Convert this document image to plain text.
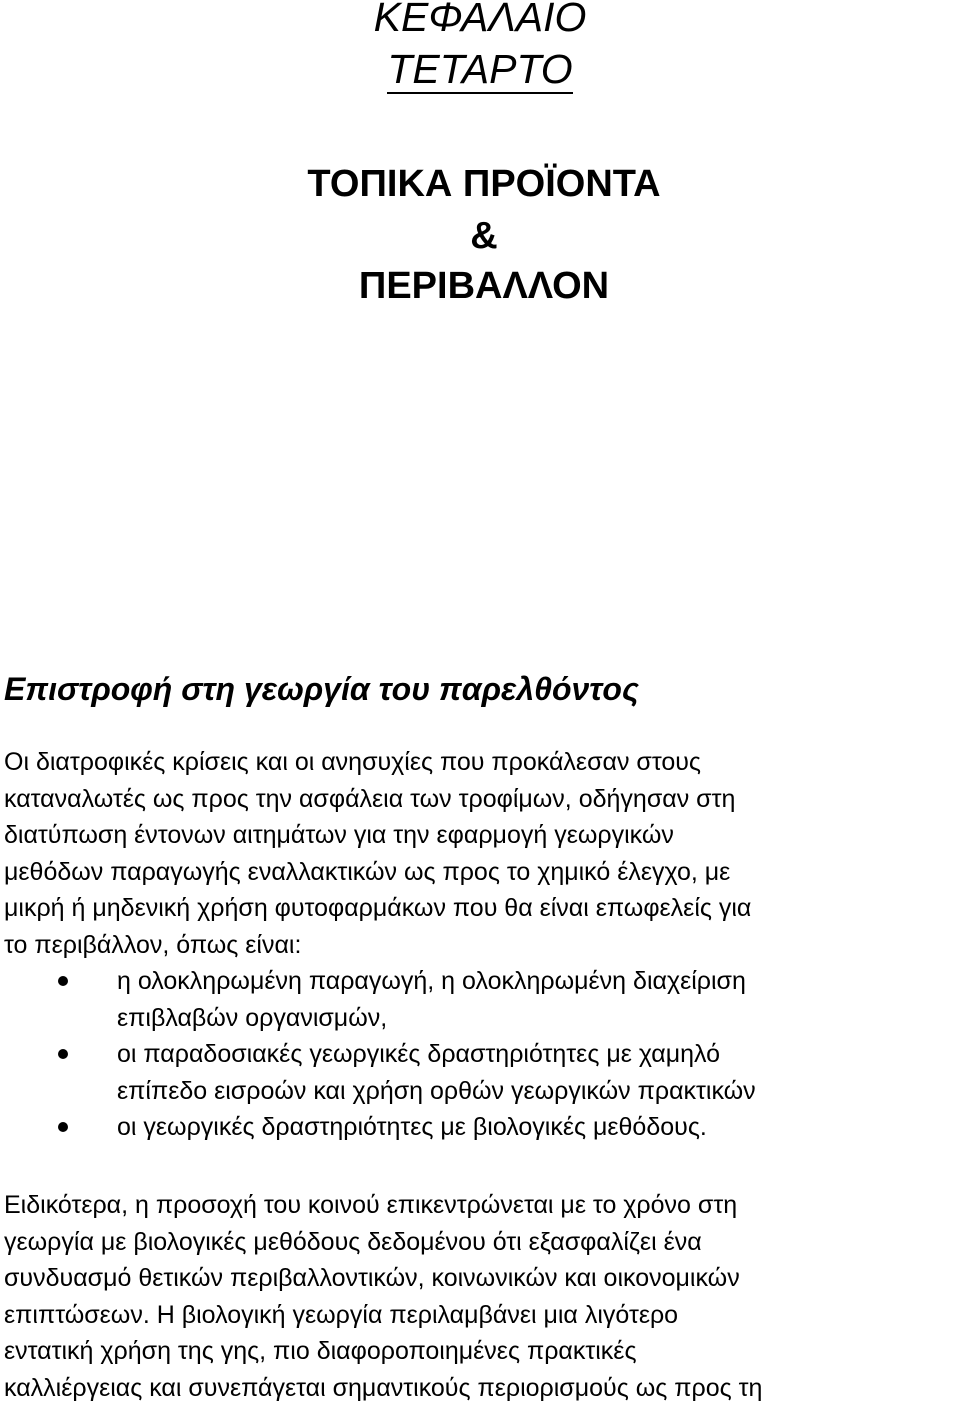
ΚΕΦΑΛΑΙΟ
ΤΕΤΑΡΤΟ
ΤΟΠΙΚΑ ΠΡΟΪΟΝΤΑ
&
ΠΕΡΙΒΑΛΛΟΝ
Επιστροφή στη γεωργία του παρελθόντος
Οι διατροφικές κρίσεις και οι ανησυχίες που προκάλεσαν στους
καταναλωτές ως προς την ασφάλεια των τροφίμων, οδήγησαν στη
διατύπωση έντονων αιτημάτων για την εφαρμογή γεωργικών
μεθόδων παραγωγής εναλλακτικών ως προς το χημικό έλεγχο, με
μικρή ή μηδενική χρήση φυτοφαρμάκων που θα είναι επωφελείς για
το περιβάλλον, όπως είναι:
η ολοκληρωμένη παραγωγή, η ολοκληρωμένη διαχείριση
επιβλαβών οργανισμών,
οι παραδοσιακές γεωργικές δραστηριότητες με χαμηλό
επίπεδο εισροών και χρήση ορθών γεωργικών πρακτικών
οι γεωργικές δραστηριότητες με βιολογικές μεθόδους.
Ειδικότερα, η προσοχή του κοινού επικεντρώνεται με το χρόνο στη
γεωργία με βιολογικές μεθόδους δεδομένου ότι εξασφαλίζει ένα
συνδυασμό θετικών περιβαλλοντικών, κοινωνικών και οικονομικών
επιπτώσεων. Η βιολογική γεωργία περιλαμβάνει μια λιγότερο
εντατική χρήση της γης, πιο διαφοροποιημένες πρακτικές
καλλιέργειας και συνεπάγεται σημαντικούς περιορισμούς ως προς τη
